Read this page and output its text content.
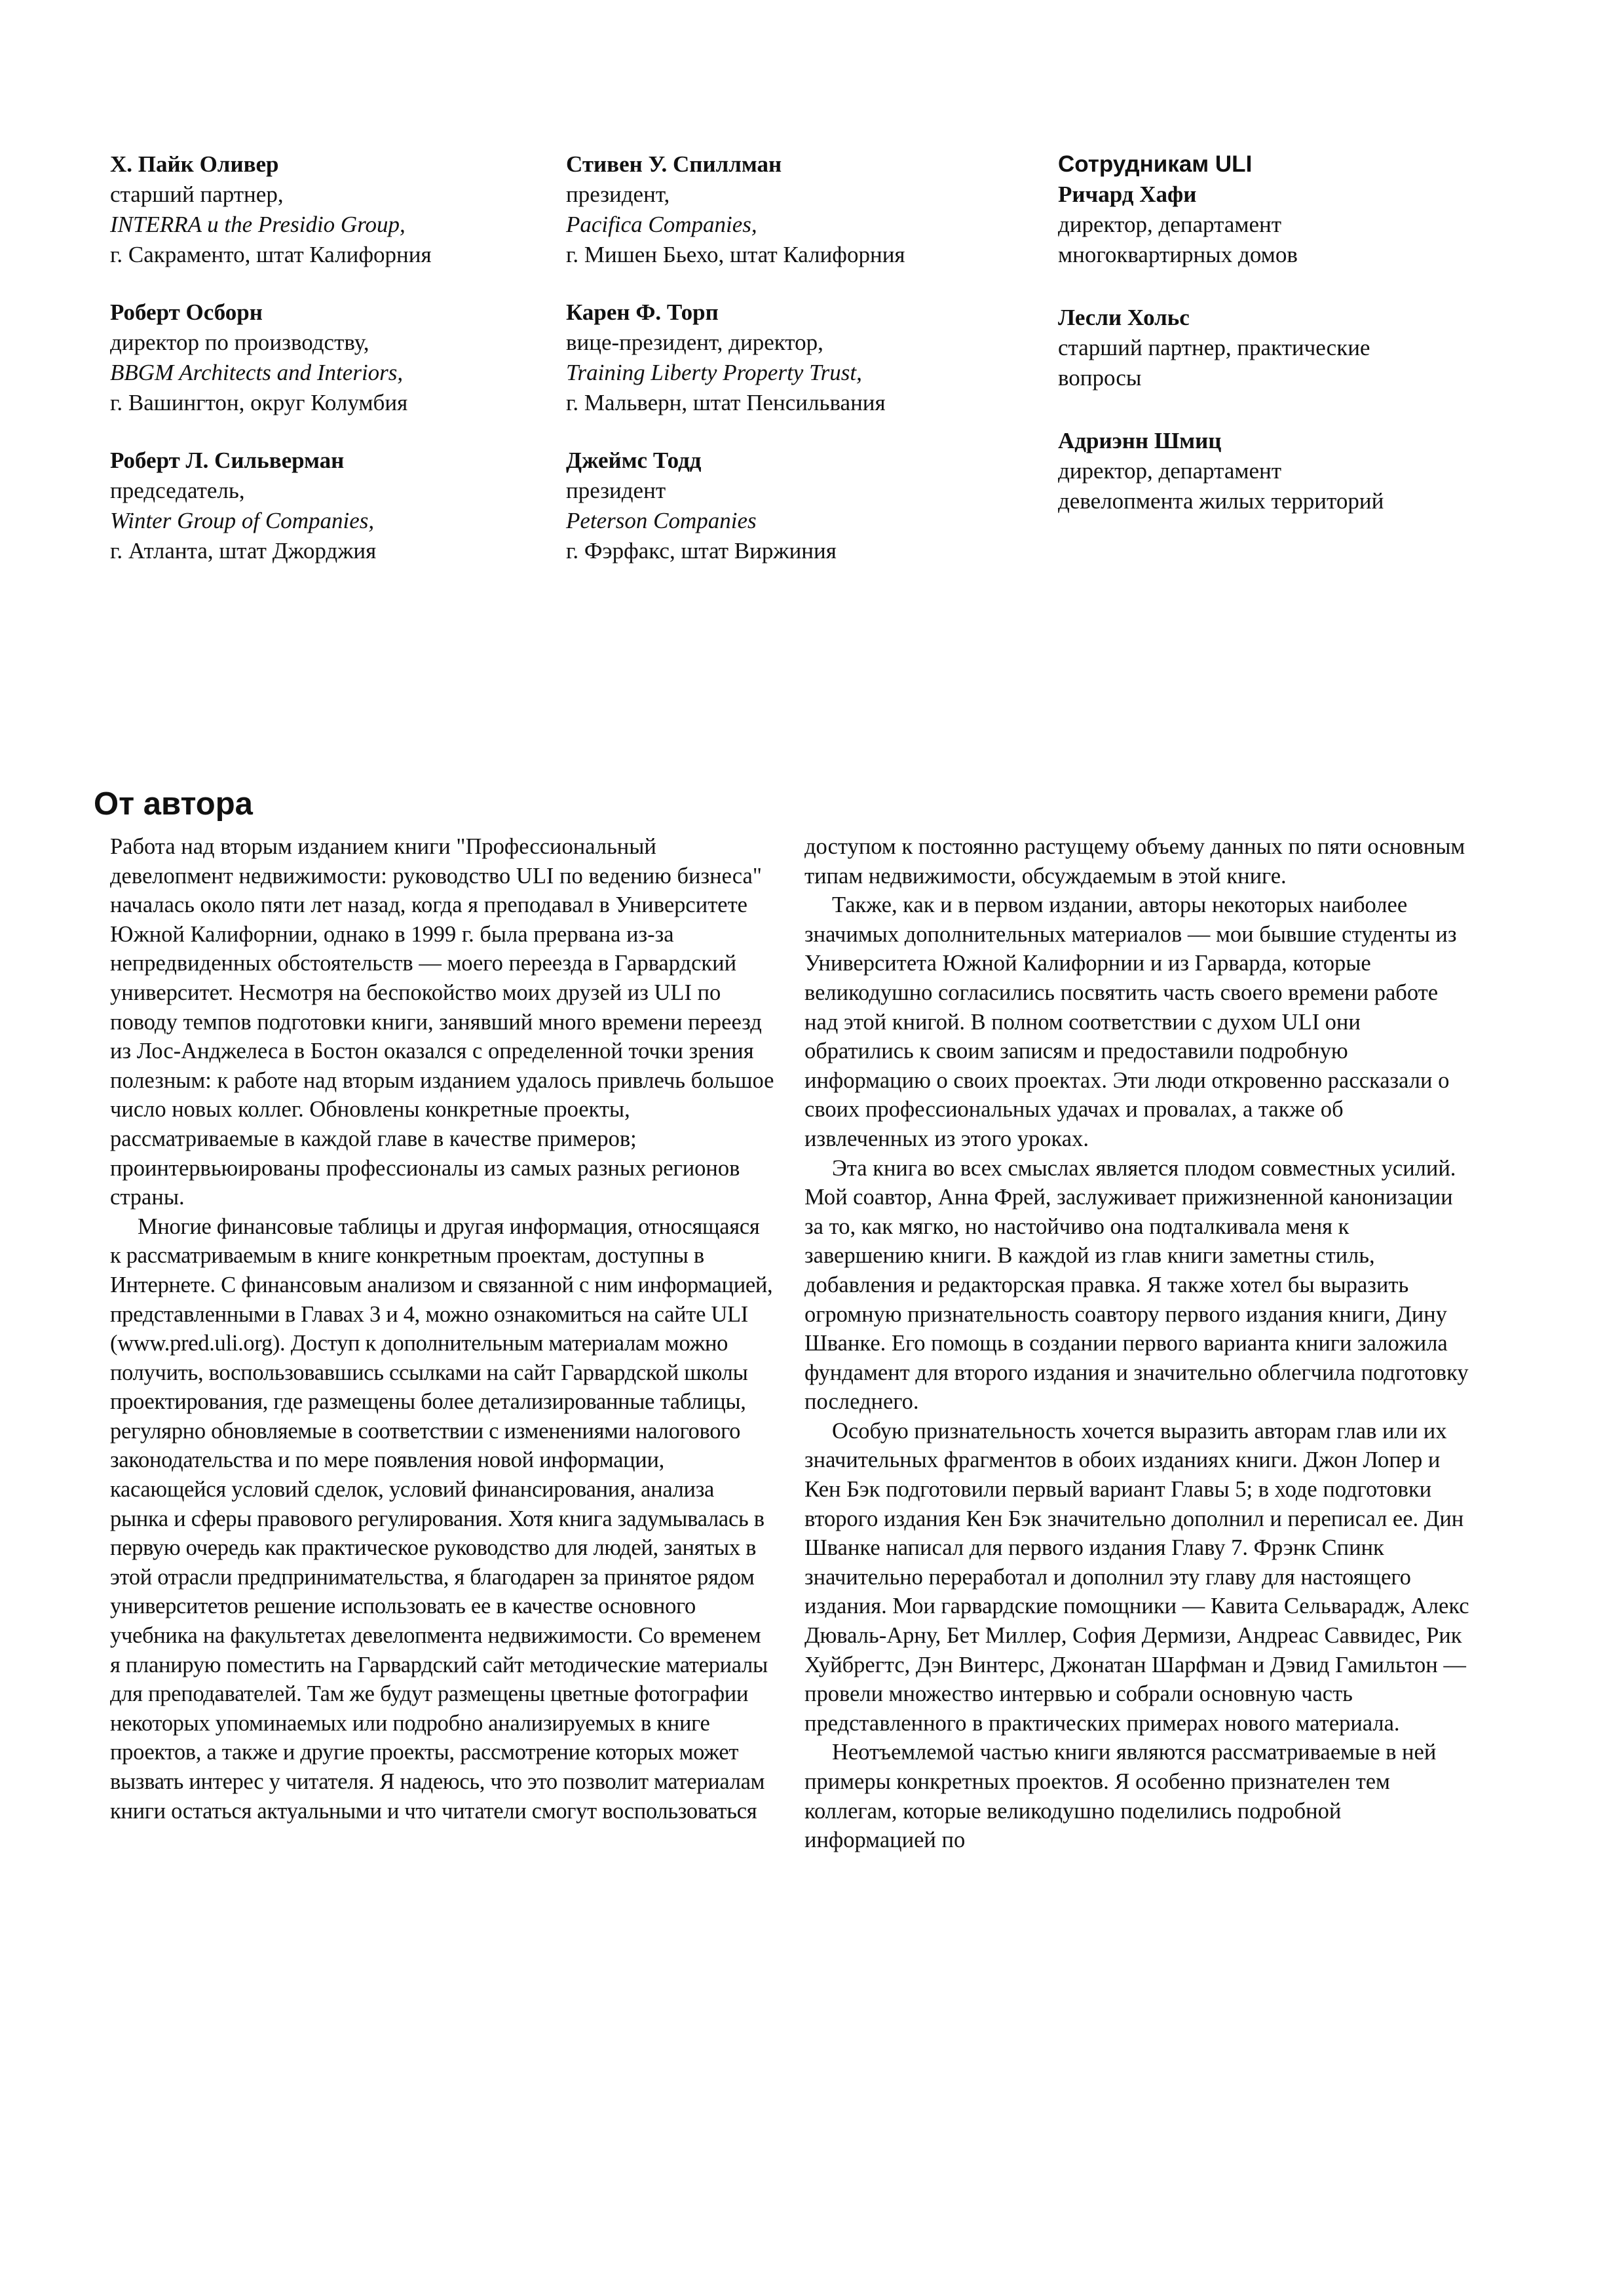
Х. Пайк Оливер
старший партнер,
INTERRA и the Presidio Group,
г. Сакраменто, штат Калифорния
Роберт Осборн
директор по производству,
BBGM Architects and Interiors,
г. Вашингтон, округ Колумбия
Роберт Л. Сильверман
председатель,
Winter Group of Companies,
г. Атланта, штат Джорджия
Стивен У. Спиллман
президент,
Pacifica Companies,
г. Мишен Бьехо, штат Калифорния
Карен Ф. Торп
вице-президент, директор,
Training Liberty Property Trust,
г. Мальверн, штат Пенсильвания
Джеймс Тодд
президент
Peterson Companies
г. Фэрфакс, штат Виржиния
Сотрудникам ULI
Ричард Хафи
директор, департамент
многоквартирных домов
Лесли Хольс
старший партнер, практические
вопросы
Адриэнн Шмиц
директор, департамент
девелопмента жилых территорий
От автора

Работа над вторым изданием книги "Профессиональный девелопмент недвижимости: руководство ULI по ведению бизнеса" началась около пяти лет назад, когда я преподавал в Университете Южной Калифорнии, однако в 1999 г. была прервана из-за непредвиденных обстоятельств — моего переезда в Гарвардский университет. Несмотря на беспокойство моих друзей из ULI по поводу темпов подготовки книги, занявший много времени переезд из Лос-Анджелеса в Бостон оказался с определенной точки зрения полезным: к работе над вторым изданием удалось привлечь большое число новых коллег. Обновлены конкретные проекты, рассматриваемые в каждой главе в качестве примеров; проинтервьюированы профессионалы из самых разных регионов страны.

Многие финансовые таблицы и другая информация, относящаяся к рассматриваемым в книге конкретным проектам, доступны в Интернете. С финансовым анализом и связанной с ним информацией, представленными в Главах 3 и 4, можно ознакомиться на сайте ULI (www.pred.uli.org). Доступ к дополнительным материалам можно получить, воспользовавшись ссылками на сайт Гарвардской школы проектирования, где размещены более детализированные таблицы, регулярно обновляемые в соответствии с изменениями налогового законодательства и по мере появления новой информации, касающейся условий сделок, условий финансирования, анализа рынка и сферы правового регулирования. Хотя книга задумывалась в первую очередь как практическое руководство для людей, занятых в этой отрасли предпринимательства, я благодарен за принятое рядом университетов решение использовать ее в качестве основного учебника на факультетах девелопмента недвижимости. Со временем я планирую поместить на Гарвардский сайт методические материалы для преподавателей. Там же будут размещены цветные фотографии некоторых упоминаемых или подробно анализируемых в книге проектов, а также и другие проекты, рассмотрение которых может вызвать интерес у читателя. Я надеюсь, что это позволит материалам книги остаться актуальными и что читатели смогут воспользоваться

доступом к постоянно растущему объему данных по пяти основным типам недвижимости, обсуждаемым в этой книге.

Также, как и в первом издании, авторы некоторых наиболее значимых дополнительных материалов — мои бывшие студенты из Университета Южной Калифорнии и из Гарварда, которые великодушно согласились посвятить часть своего времени работе над этой книгой. В полном соответствии с духом ULI они обратились к своим записям и предоставили подробную информацию о своих проектах. Эти люди откровенно рассказали о своих профессиональных удачах и провалах, а также об извлеченных из этого уроках.

Эта книга во всех смыслах является плодом совместных усилий. Мой соавтор, Анна Фрей, заслуживает прижизненной канонизации за то, как мягко, но настойчиво она подталкивала меня к завершению книги. В каждой из глав книги заметны стиль, добавления и редакторская правка. Я также хотел бы выразить огромную признательность соавтору первого издания книги, Дину Шванке. Его помощь в создании первого варианта книги заложила фундамент для второго издания и значительно облегчила подготовку последнего.

Особую признательность хочется выразить авторам глав или их значительных фрагментов в обоих изданиях книги. Джон Лопер и Кен Бэк подготовили первый вариант Главы 5; в ходе подготовки второго издания Кен Бэк значительно дополнил и переписал ее. Дин Шванке написал для первого издания Главу 7. Фрэнк Спинк значительно переработал и дополнил эту главу для настоящего издания. Мои гарвардские помощники — Кавита Сельварадж, Алекс Дюваль-Арну, Бет Миллер, София Дермизи, Андреас Саввидес, Рик Хуйбрегтс, Дэн Винтерс, Джонатан Шарфман и Дэвид Гамильтон — провели множество интервью и собрали основную часть представленного в практических примерах нового материала.

Неотъемлемой частью книги являются рассматриваемые в ней примеры конкретных проектов. Я особенно признателен тем коллегам, которые великодушно поделились подробной информацией по
